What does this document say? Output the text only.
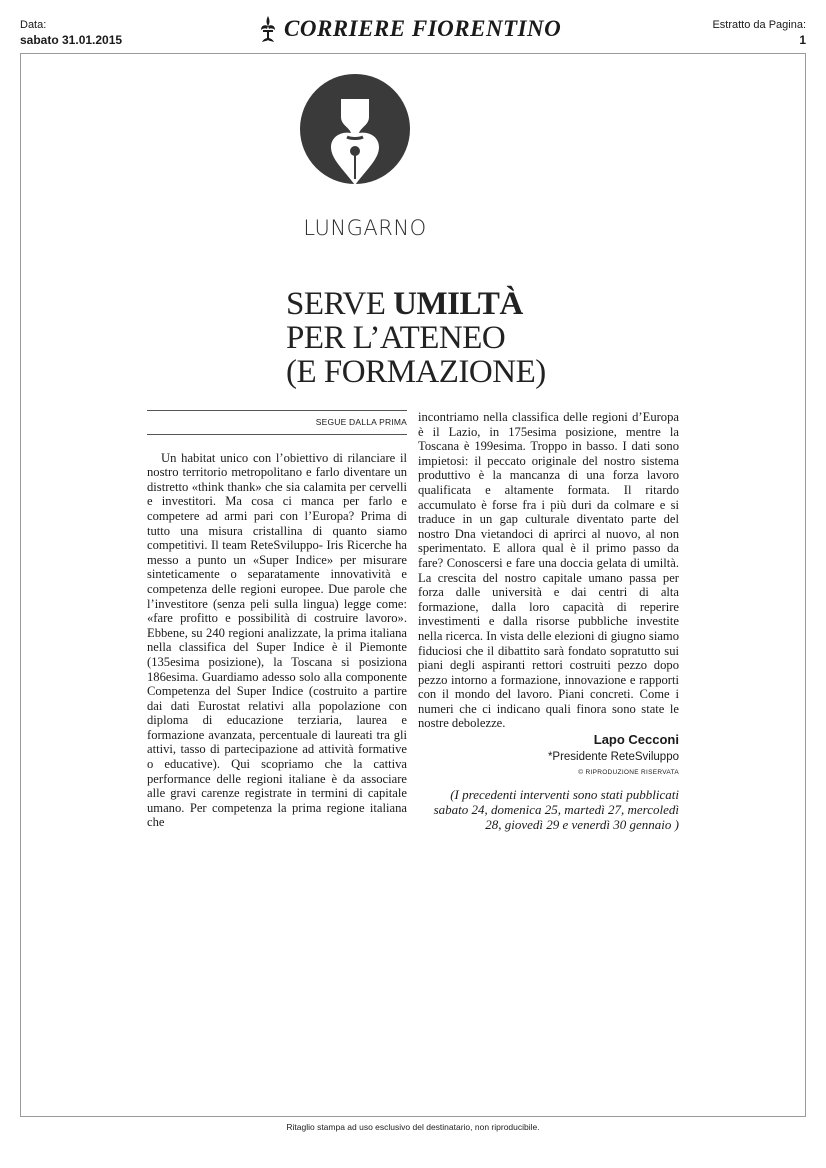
Data:
sabato 31.01.2015	CORRIERE FIORENTINO	Estratto da Pagina:
1
LUNGARNO
SERVE UMILTÀ
PER L’ATENEO
(E FORMAZIONE)
SEGUE DALLA PRIMA

Un habitat unico con l’obiettivo di rilanciare il nostro territorio metropolitano e farlo diventare un distretto «think thank» che sia calamita per cervelli e investitori. Ma cosa ci manca per farlo e competere ad armi pari con l’Europa? Prima di tutto una misura cristallina di quanto siamo competitivi. Il team ReteSviluppo- Iris Ricerche ha messo a punto un «Super Indice» per misurare sinteticamente o separatamente innovatività e competenza delle regioni europee. Due parole che l’investitore (senza peli sulla lingua) legge come: «fare profitto e possibilità di costruire lavoro». Ebbene, su 240 regioni analizzate, la prima italiana nella classifica del Super Indice è il Piemonte (135esima posizione), la Toscana si posiziona 186esima. Guardiamo adesso solo alla componente Competenza del Super Indice (costruito a partire dai dati Eurostat relativi alla popolazione con diploma di educazione terziaria, laurea e formazione avanzata, percentuale di laureati tra gli attivi, tasso di partecipazione ad attività formative o educative). Qui scopriamo che la cattiva performance delle regioni italiane è da associare alle gravi carenze registrate in termini di capitale umano. Per competenza la prima regione italiana che

incontriamo nella classifica delle regioni d’Europa è il Lazio, in 175esima posizione, mentre la Toscana è 199esima. Troppo in basso. I dati sono impietosi: il peccato originale del nostro sistema produttivo è la mancanza di una forza lavoro qualificata e altamente formata. Il ritardo accumulato è forse fra i più duri da colmare e si traduce in un gap culturale diventato parte del nostro Dna vietandoci di aprirci al nuovo, al non sperimentato. E allora qual è il primo passo da fare? Conoscersi e fare una doccia gelata di umiltà. La crescita del nostro capitale umano passa per forza dalle università e dai centri di alta formazione, dalla loro capacità di reperire investimenti e dalla risorse pubbliche investite nella ricerca. In vista delle elezioni di giugno siamo fiduciosi che il dibattito sarà fondato sopratutto sui piani degli aspiranti rettori costruiti pezzo dopo pezzo intorno a formazione, innovazione e rapporti con il mondo del lavoro. Piani concreti. Come i numeri che ci indicano quali finora sono state le nostre debolezze.

Lapo Cecconi
*Presidente ReteSviluppo
© RIPRODUZIONE RISERVATA
(I precedenti interventi sono stati pubblicati sabato 24, domenica 25, martedì 27, mercoledì 28, giovedì 29 e venerdì 30 gennaio )
Ritaglio stampa ad uso esclusivo del destinatario, non riproducibile.
